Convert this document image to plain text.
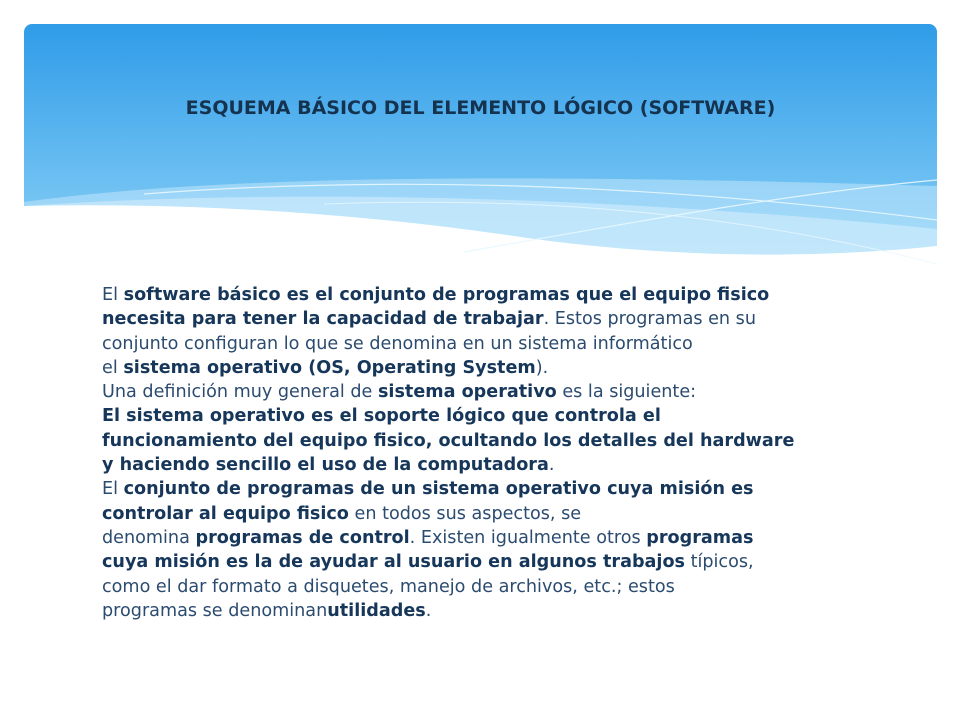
ESQUEMA BÁSICO DEL ELEMENTO LÓGICO (SOFTWARE)
El software básico es el conjunto de programas que el equipo fisico
necesita para tener la capacidad de trabajar. Estos programas en su
conjunto configuran lo que se denomina en un sistema informático
el sistema operativo (OS, Operating System).
Una definición muy general de sistema operativo es la siguiente:
El sistema operativo es el soporte lógico que controla el
funcionamiento del equipo fisico, ocultando los detalles del hardware
y haciendo sencillo el uso de la computadora.
El conjunto de programas de un sistema operativo cuya misión es
controlar al equipo fisico en todos sus aspectos, se
denomina programas de control. Existen igualmente otros programas
cuya misión es la de ayudar al usuario en algunos trabajos típicos,
como el dar formato a disquetes, manejo de archivos, etc.; estos
programas se denominanutilidades.
